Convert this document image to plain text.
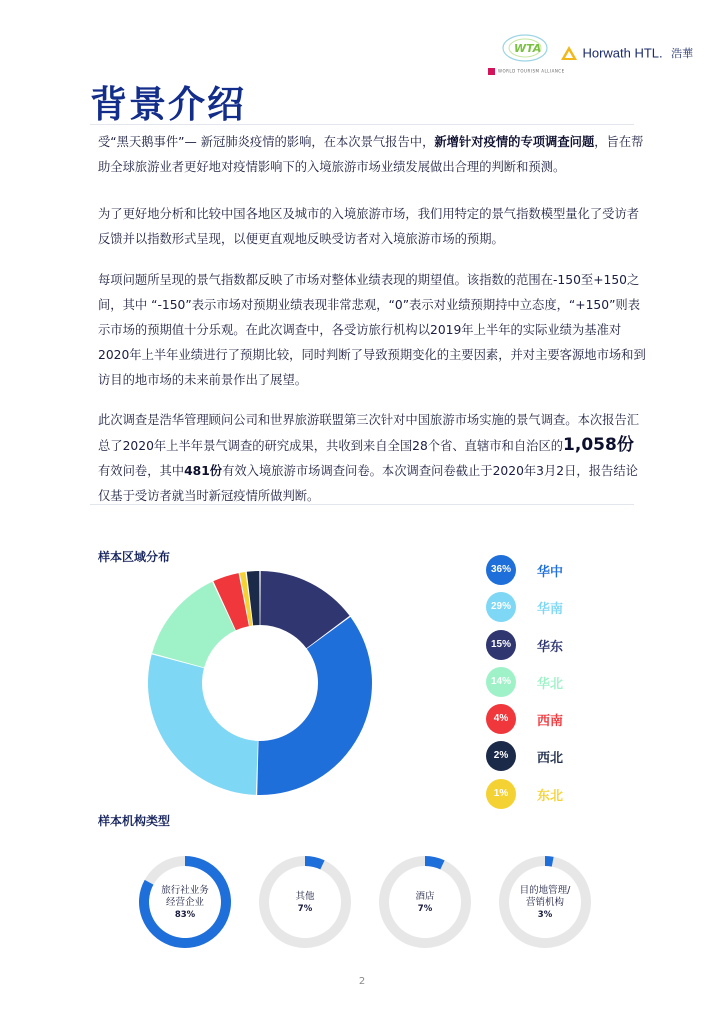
WTA
WORLD TOURISM ALLIANCE
Horwath HTL. 浩華
背景介绍
受“黑天鹅事件”— 新冠肺炎疫情的影响，在本次景气报告中，新增针对疫情的专项调查问题，旨在帮助全球旅游业者更好地对疫情影响下的入境旅游市场业绩发展做出合理的判断和预测。
为了更好地分析和比较中国各地区及城市的入境旅游市场，我们用特定的景气指数模型量化了受访者反馈并以指数形式呈现，以便更直观地反映受访者对入境旅游市场的预期。
每项问题所呈现的景气指数都反映了市场对整体业绩表现的期望值。该指数的范围在-150至+150之间，其中 “-150”表示市场对预期业绩表现非常悲观，“0”表示对业绩预期持中立态度，“+150”则表示市场的预期值十分乐观。在此次调查中，各受访旅行机构以2019年上半年的实际业绩为基准对2020年上半年业绩进行了预期比较，同时判断了导致预期变化的主要因素，并对主要客源地市场和到访目的地市场的未来前景作出了展望。
此次调查是浩华管理顾问公司和世界旅游联盟第三次针对中国旅游市场实施的景气调查。本次报告汇总了2020年上半年景气调查的研究成果，共收到来自全国28个省、直辖市和自治区的1,058份有效问卷，其中481份有效入境旅游市场调查问卷。本次调查问卷截止于2020年3月2日，报告结论仅基于受访者就当时新冠疫情所做判断。
样本区域分布
36%	华中
29%	华南
15%	华东
14%	华北
4%	西南
2%	西北
1%	东北
样本机构类型
旅行社业务
经营企业
83%
其他
7%
酒店
7%
目的地管理/
营销机构
3%
2
